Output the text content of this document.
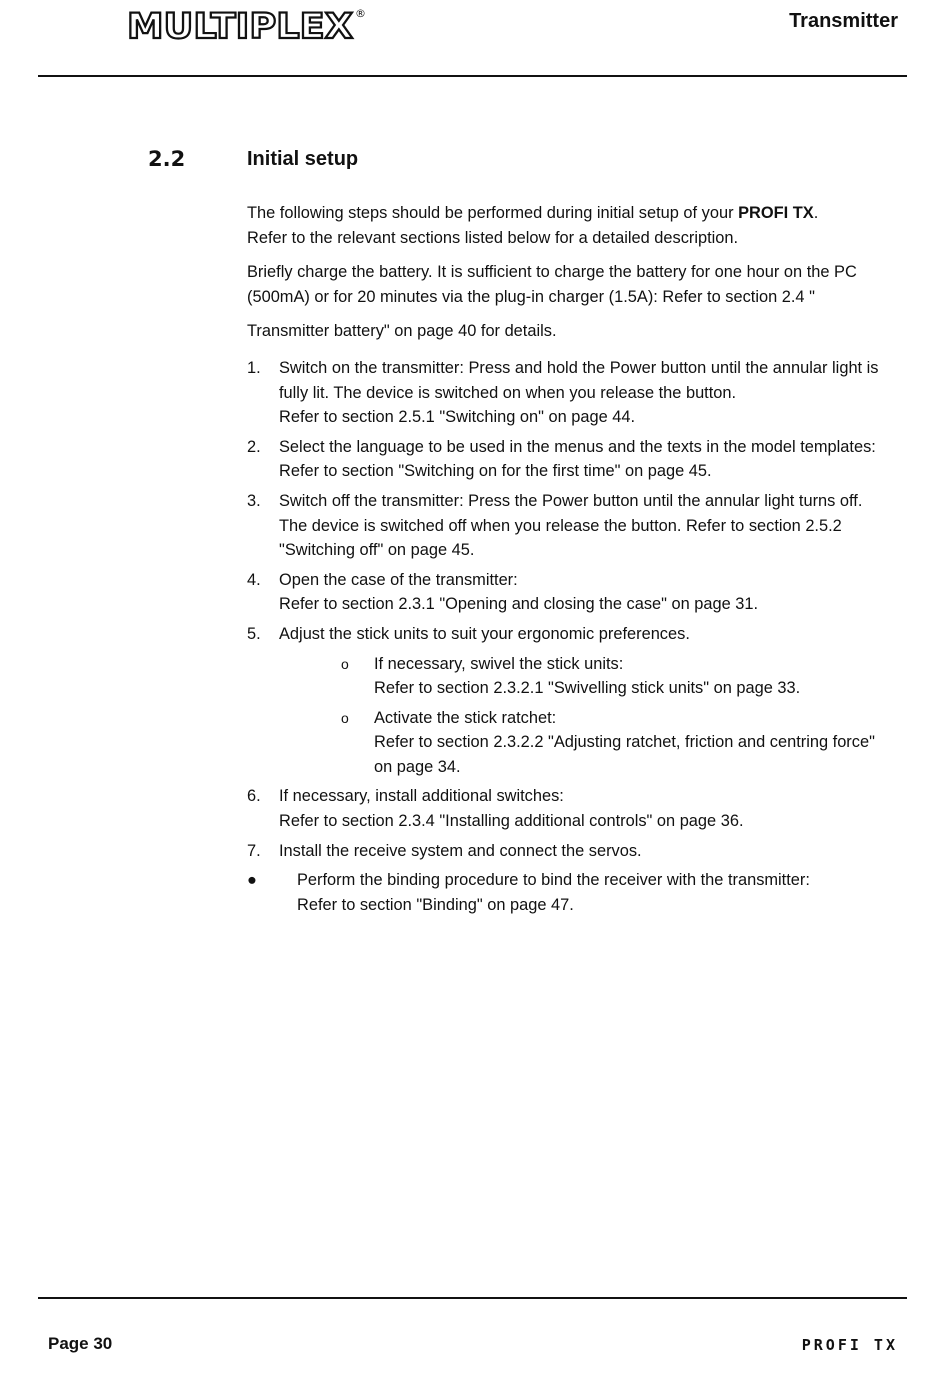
MULTIPLEX ®	Transmitter
2.2	Initial setup

The following steps should be performed during initial setup of your PROFI TX.
Refer to the relevant sections listed below for a detailed description.

Briefly charge the battery. It is sufficient to charge the battery for one hour on the PC (500mA) or for 20 minutes via the plug-in charger (1.5A): Refer to section 2.4 "

Transmitter battery" on page 40 for details.

1. Switch on the transmitter: Press and hold the Power button until the annular light is fully lit. The device is switched on when you release the button.
Refer to section 2.5.1 "Switching on" on page 44.
2. Select the language to be used in the menus and the texts in the model templates:
Refer to section "Switching on for the first time" on page 45.
3. Switch off the transmitter: Press the Power button until the annular light turns off. The device is switched off when you release the button. Refer to section 2.5.2 "Switching off" on page 45.
4. Open the case of the transmitter:
Refer to section 2.3.1 "Opening and closing the case" on page 31.
5. Adjust the stick units to suit your ergonomic preferences.
o If necessary, swivel the stick units:
Refer to section 2.3.2.1 "Swivelling stick units" on page 33.
o Activate the stick ratchet:
Refer to section 2.3.2.2 "Adjusting ratchet, friction and centring force" on page 34.
6. If necessary, install additional switches:
Refer to section 2.3.4 "Installing additional controls" on page 36.
7. Install the receive system and connect the servos.
● Perform the binding procedure to bind the receiver with the transmitter:
Refer to section "Binding" on page 47.
Page 30	PROFI TX
